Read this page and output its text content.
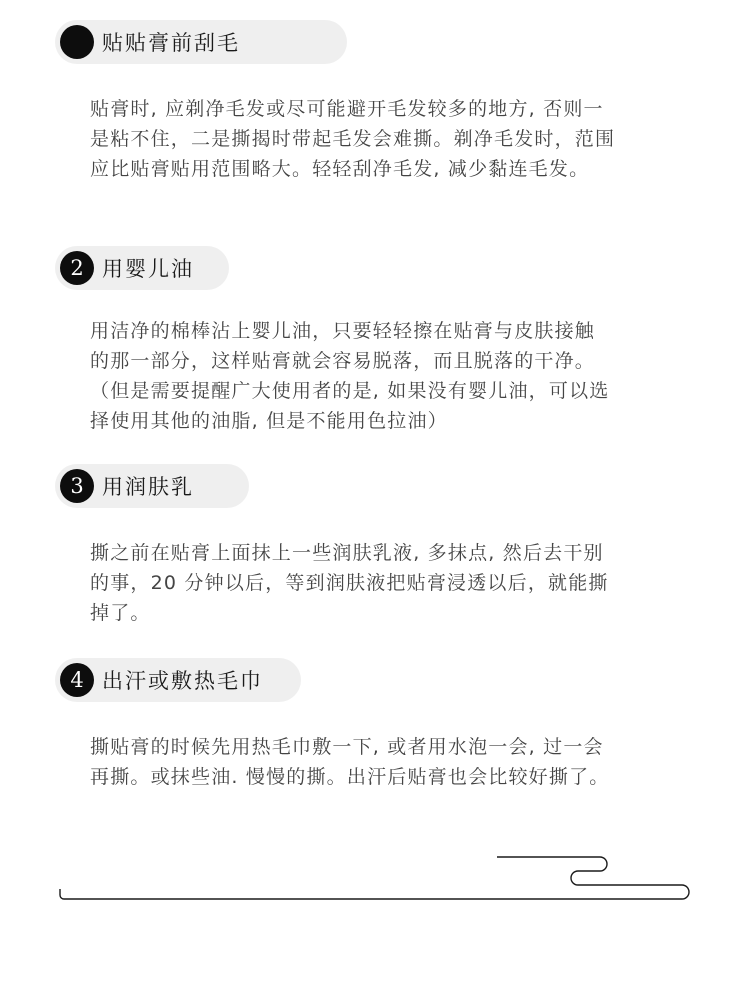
贴贴膏前刮毛
贴膏时, 应剃净毛发或尽可能避开毛发较多的地方, 否则一
是粘不住，二是撕揭时带起毛发会难撕。剃净毛发时，范围
应比贴膏贴用范围略大。轻轻刮净毛发, 减少黏连毛发。
2 用婴儿油
用洁净的棉棒沾上婴儿油，只要轻轻擦在贴膏与皮肤接触
的那一部分，这样贴膏就会容易脱落，而且脱落的干净。
（但是需要提醒广大使用者的是, 如果没有婴儿油，可以选
择使用其他的油脂, 但是不能用色拉油）
3 用润肤乳
撕之前在贴膏上面抹上一些润肤乳液, 多抹点, 然后去干别
的事，20 分钟以后，等到润肤液把贴膏浸透以后，就能撕
掉了。
4 出汗或敷热毛巾
撕贴膏的时候先用热毛巾敷一下, 或者用水泡一会, 过一会
再撕。或抹些油. 慢慢的撕。出汗后贴膏也会比较好撕了。
